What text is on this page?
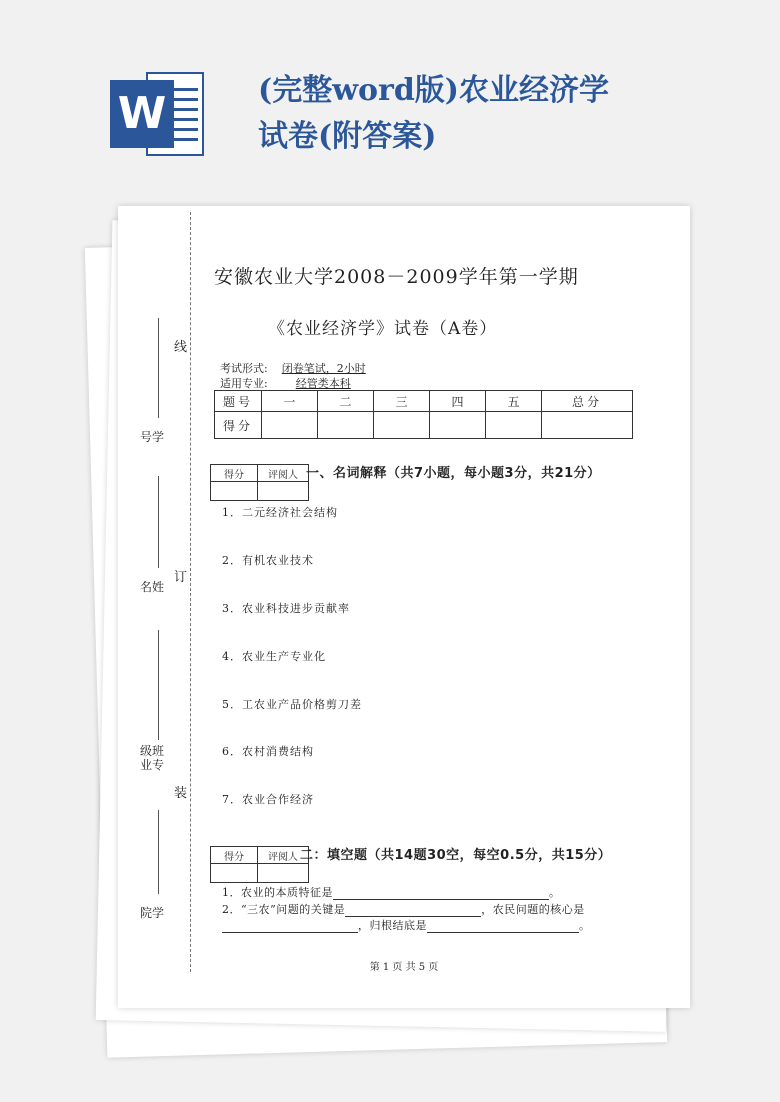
W	(完整word版)农业经济学试卷(附答案)
线
订
装
号学
名姓
级班业专
院学
安徽农业大学2008－2009学年第一学期
《农业经济学》试卷（A卷）
考试形式: 闭卷笔试，2小时
适用专业:	经管类本科
题号	一	二	三	四	五	总分
得分						
得分	评阅人
	一、名词解释（共7小题，每小题3分，共21分）
1．二元经济社会结构
2．有机农业技术
3．农业科技进步贡献率
4．农业生产专业化
5．工农业产品价格剪刀差
6．农村消费结构
7．农业合作经济
得分	评阅人
	二：填空题（共14题30空，每空0.5分，共15分）
1．农业的本质特征是	。
2．“三农”问题的关键是	，农民问题的核心是
，归根结底是	。
第 1 页 共 5 页
